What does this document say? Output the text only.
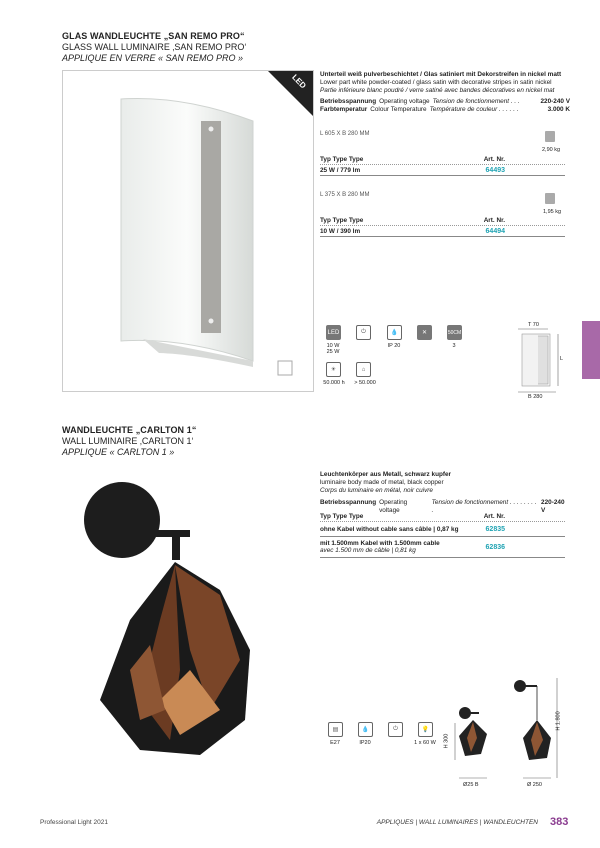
GLAS WANDLEUCHTE „SAN REMO PRO“
GLASS WALL LUMINAIRE ‚SAN REMO PRO‘
APPLIQUE EN VERRE « SAN REMO PRO »
LED Unterteil weiß pulverbeschichtet / Glas satiniert mit Dekorstreifen in nickel matt
Lower part white powder-coated / glass satin with decorative stripes in satin nickel
Partie inférieure blanc poudré / verre satiné avec bandes décoratives en nickel mat
Betriebsspannung Operating voltage Tension de fonctionnement . . .	220-240 V
Farbtemperatur Colour Temperature Température de couleur . . . . . .	3.000 K
L 605 X B 280 MM
2,90 kg
Typ Type Type	Art. Nr.
25 W / 779 lm	64493
L 375 X B 280 MM
1,95 kg
Typ Type Type	Art. Nr.
10 W / 390 lm	64494
LED	⏻	💧	✕	50CM
10 W
25 W
IP 20	3
☀	⌂
50.000 h	> 50.000
T 70
L
B 280
WANDLEUCHTE „CARLTON 1“
WALL LUMINAIRE ‚CARLTON 1‘
APPLIQUE « CARLTON 1 »
Leuchtenkörper aus Metall, schwarz kupfer
luminaire body made of metal, black copper
Corps du luminaire en métal, noir cuivre
Betriebsspannung Operating voltage
Tension de fonctionnement . . . . . . . . .
220-240 V
Typ Type Type	Art. Nr.
ohne Kabel without cable sans câble | 0,87 kg	62835
mit 1.500mm Kabel with 1.500mm cable
avec 1.500 mm de câble | 0,81 kg	62836
▤	💧	⏻	💡
E27	IP20	1 x 60 W	H 300
Ø25 B	Ø 250
H 1.800
Professional Light 2021	APPLIQUES | WALL LUMINAIRES | WANDLEUCHTEN 383
